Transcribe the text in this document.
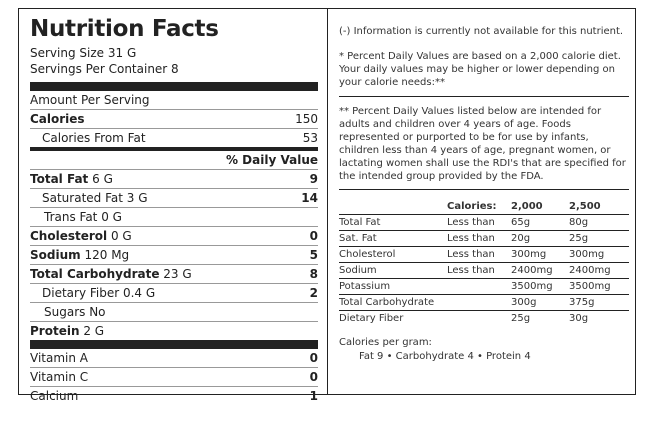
Nutrition Facts
Serving Size 31 G
Servings Per Container 8
Amount Per Serving
Calories	150
Calories From Fat	53
% Daily Value
Total Fat 6 G	9
Saturated Fat 3 G	14
Trans Fat 0 G
Cholesterol 0 G	0
Sodium 120 Mg	5
Total Carbohydrate 23 G	8
Dietary Fiber 0.4 G	2
Sugars No
Protein 2 G
Vitamin A	0
Vitamin C	0
Calcium	1

(-) Information is currently not available for this nutrient.

* Percent Daily Values are based on a 2,000 calorie diet. Your daily values may be higher or lower depending on your calorie needs:**

** Percent Daily Values listed below are intended for adults and children over 4 years of age. Foods represented or purported to be for use by infants, children less than 4 years of age, pregnant women, or lactating women shall use the RDI's that are specified for the intended group provided by the FDA.

	Calories:	2,000	2,500
Total Fat	Less than	65g	80g
Sat. Fat	Less than	20g	25g
Cholesterol	Less than	300mg	300mg
Sodium	Less than	2400mg	2400mg
Potassium		3500mg	3500mg
Total Carbohydrate		300g	375g
Dietary Fiber		25g	30g
Calories per gram:
Fat 9 • Carbohydrate 4 • Protein 4
